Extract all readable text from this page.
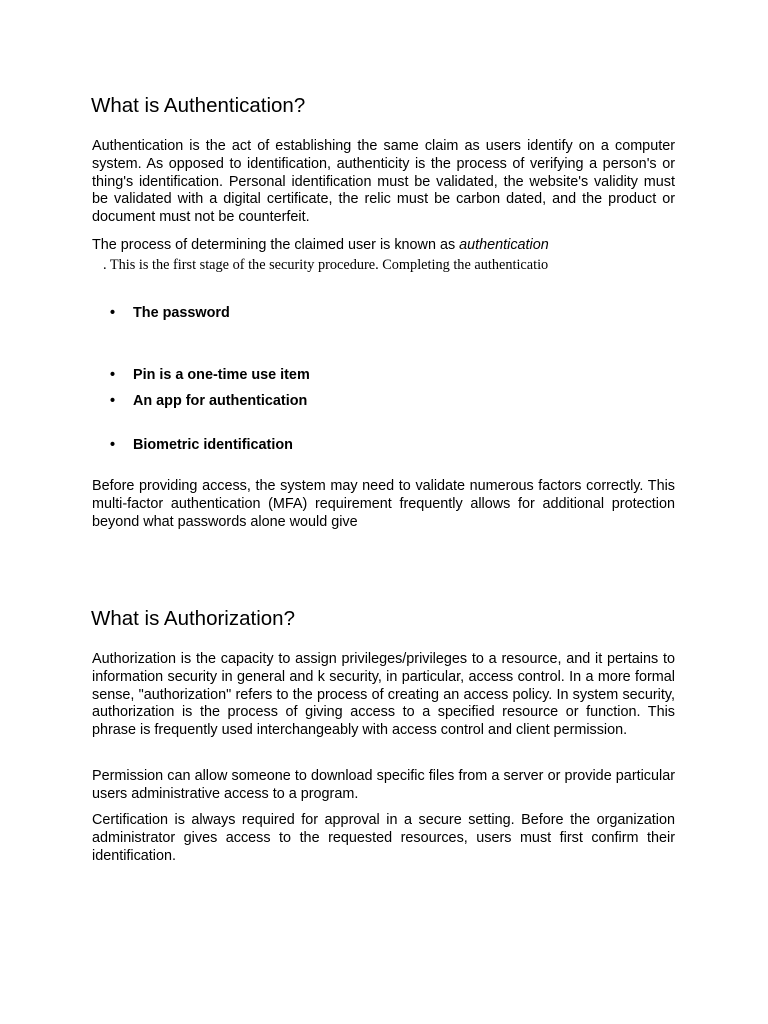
What is Authentication?

Authentication is the act of establishing the same claim as users identify on a computer system. As opposed to identification, authenticity is the process of verifying a person's or thing's identification. Personal identification must be validated, the website's validity must be validated with a digital certificate, the relic must be carbon dated, and the product or document must not be counterfeit.

The process of determining the claimed user is known as authentication

. This is the first stage of the security procedure. Completing the authenticatio
• The password
• Pin is a one-time use item
• An app for authentication
• Biometric identification

Before providing access, the system may need to validate numerous factors correctly. This multi-factor authentication (MFA) requirement frequently allows for additional protection beyond what passwords alone would give

What is Authorization?

Authorization is the capacity to assign privileges/privileges to a resource, and it pertains to information security in general and k security, in particular, access control. In a more formal sense, "authorization" refers to the process of creating an access policy. In system security, authorization is the process of giving access to a specified resource or function. This phrase is frequently used interchangeably with access control and client permission.

Permission can allow someone to download specific files from a server or provide particular users administrative access to a program.

Certification is always required for approval in a secure setting. Before the organization administrator gives access to the requested resources, users must first confirm their identification.
